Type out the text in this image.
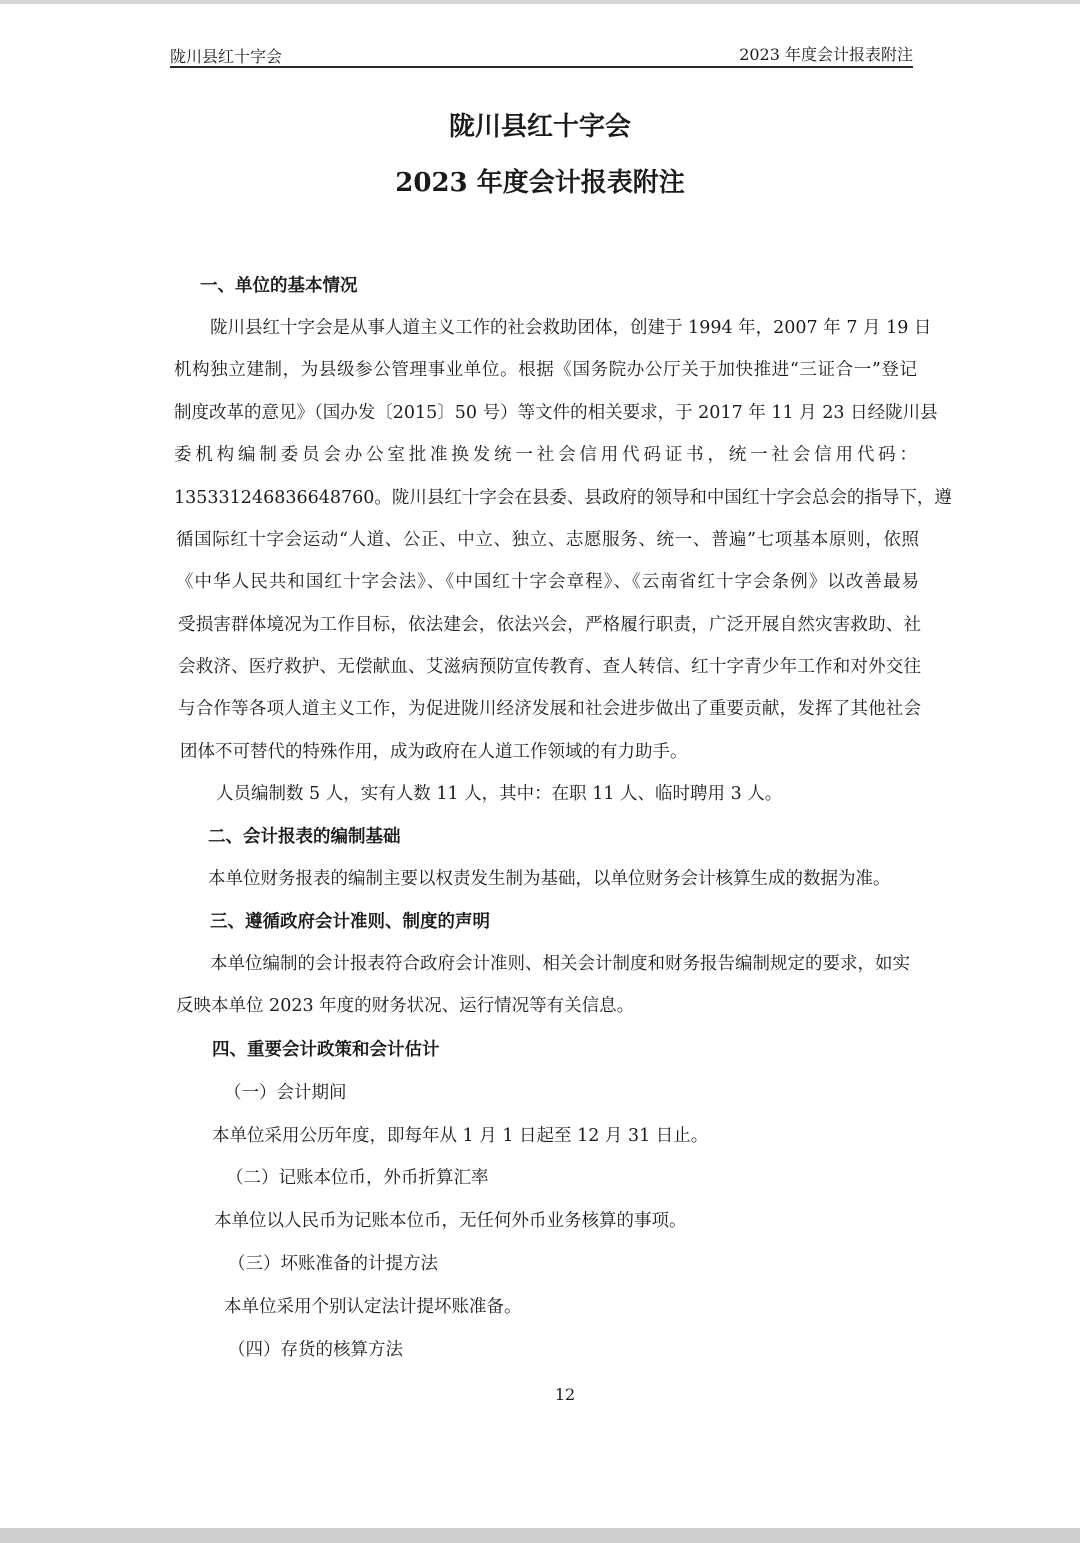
陇川县红十字会	2023 年度会计报表附注
陇川县红十字会
2023 年度会计报表附注
一、单位的基本情况
陇川县红十字会是从事人道主义工作的社会救助团体，创建于 1994 年，2007 年 7 月 19 日
机构独立建制，为县级参公管理事业单位。根据《国务院办公厅关于加快推进“三证合一”登记
制度改革的意见》（国办发〔2015〕50 号）等文件的相关要求，于 2017 年 11 月 23 日经陇川县
委机构编制委员会办公室批准换发统一社会信用代码证书，统一社会信用代码：
135331246836648760。陇川县红十字会在县委、县政府的领导和中国红十字会总会的指导下，遵
循国际红十字会运动“人道、公正、中立、独立、志愿服务、统一、普遍”七项基本原则，依照
《中华人民共和国红十字会法》、《中国红十字会章程》、《云南省红十字会条例》以改善最易
受损害群体境况为工作目标，依法建会，依法兴会，严格履行职责，广泛开展自然灾害救助、社
会救济、医疗救护、无偿献血、艾滋病预防宣传教育、查人转信、红十字青少年工作和对外交往
与合作等各项人道主义工作，为促进陇川经济发展和社会进步做出了重要贡献，发挥了其他社会
团体不可替代的特殊作用，成为政府在人道工作领域的有力助手。
人员编制数 5 人，实有人数 11 人，其中：在职 11 人、临时聘用 3 人。
二、会计报表的编制基础
本单位财务报表的编制主要以权责发生制为基础，以单位财务会计核算生成的数据为准。
三、遵循政府会计准则、制度的声明
本单位编制的会计报表符合政府会计准则、相关会计制度和财务报告编制规定的要求，如实
反映本单位 2023 年度的财务状况、运行情况等有关信息。
四、重要会计政策和会计估计
（一）会计期间
本单位采用公历年度，即每年从 1 月 1 日起至 12 月 31 日止。
（二）记账本位币，外币折算汇率
本单位以人民币为记账本位币，无任何外币业务核算的事项。
（三）坏账准备的计提方法
本单位采用个别认定法计提坏账准备。
（四）存货的核算方法
12
